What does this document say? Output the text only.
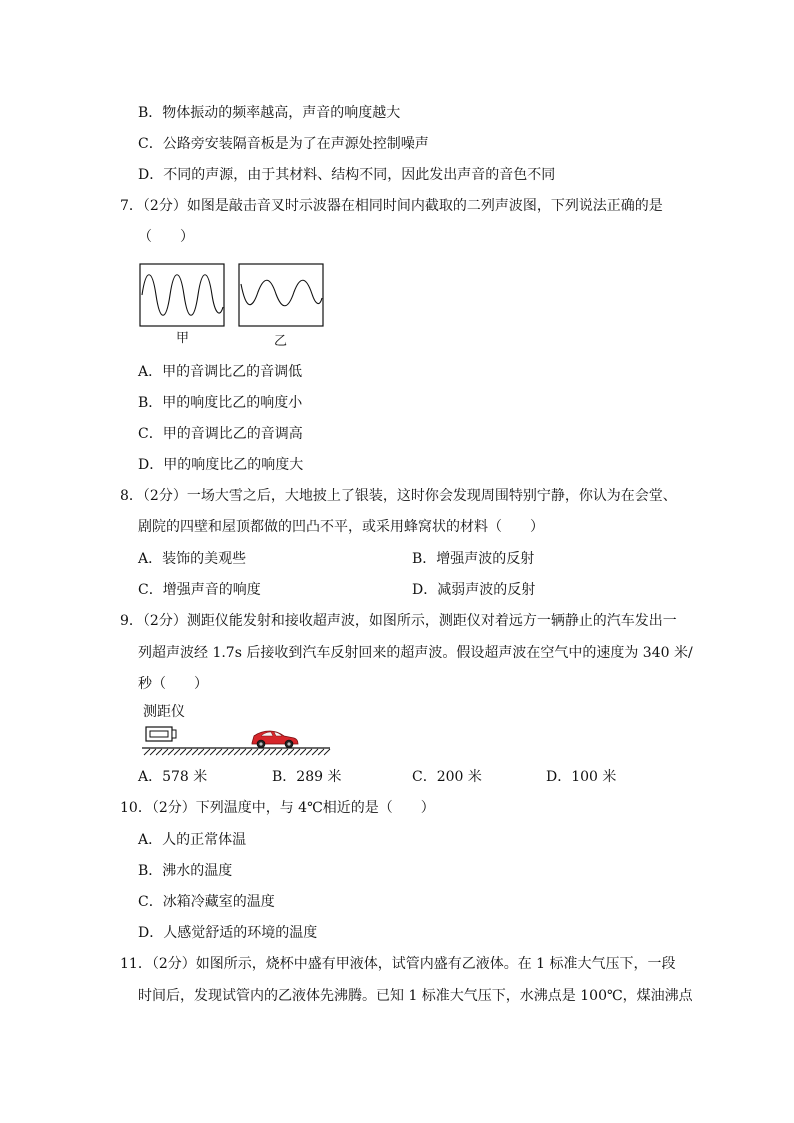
B．物体振动的频率越高，声音的响度越大
C．公路旁安装隔音板是为了在声源处控制噪声
D．不同的声源，由于其材料、结构不同，因此发出声音的音色不同
7．（2分）如图是敲击音叉时示波器在相同时间内截取的二列声波图，下列说法正确的是
（　　）
甲	乙
A．甲的音调比乙的音调低
B．甲的响度比乙的响度小
C．甲的音调比乙的音调高
D．甲的响度比乙的响度大
8．（2分）一场大雪之后，大地披上了银装，这时你会发现周围特别宁静，你认为在会堂、
剧院的四壁和屋顶都做的凹凸不平，或采用蜂窝状的材料（　　）
A．装饰的美观些	B．增强声波的反射
C．增强声音的响度	D．减弱声波的反射
9．（2分）测距仪能发射和接收超声波，如图所示，测距仪对着远方一辆静止的汽车发出一
列超声波经 1.7s 后接收到汽车反射回来的超声波。假设超声波在空气中的速度为 340 米/
秒（　　）
测距仪
A．578 米	B．289 米	C．200 米	D．100 米
10．（2分）下列温度中，与 4℃相近的是（　　）
A．人的正常体温
B．沸水的温度
C．冰箱冷藏室的温度
D．人感觉舒适的环境的温度
11．（2分）如图所示，烧杯中盛有甲液体，试管内盛有乙液体。在 1 标准大气压下，一段
时间后，发现试管内的乙液体先沸腾。已知 1 标准大气压下，水沸点是 100℃，煤油沸点
